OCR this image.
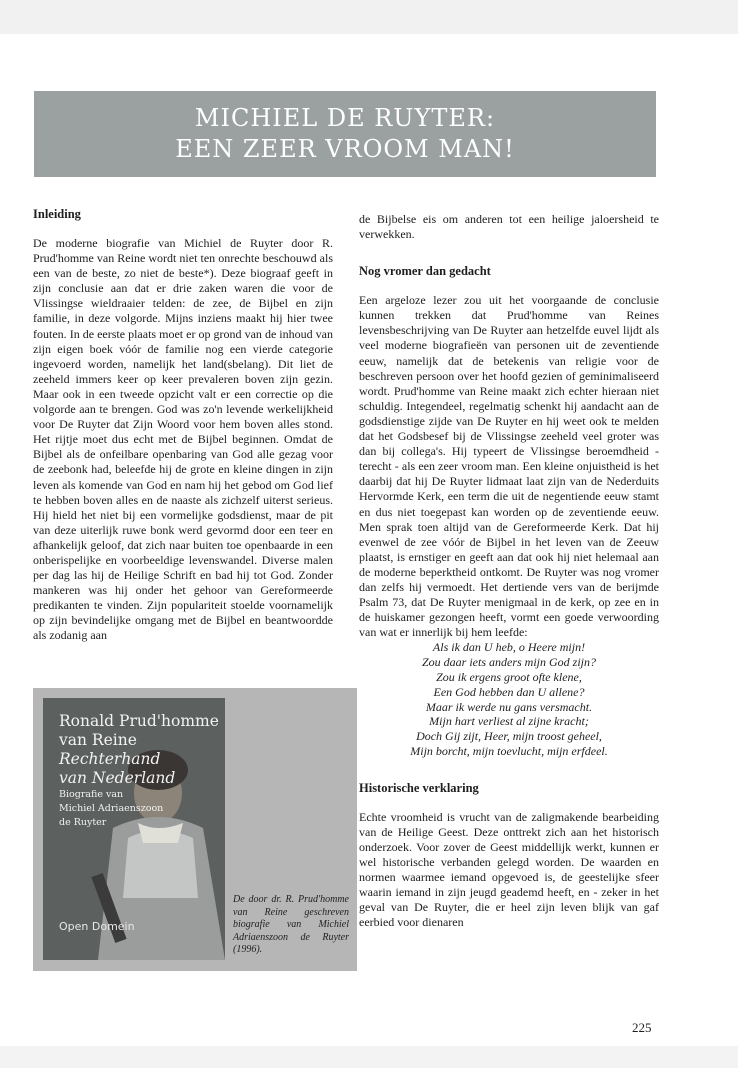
MICHIEL DE RUYTER:
EEN ZEER VROOM MAN!
Inleiding

De moderne biografie van Michiel de Ruyter door R. Prud'homme van Reine wordt niet ten onrechte beschouwd als een van de beste, zo niet de beste*). Deze biograaf geeft in zijn conclusie aan dat er drie zaken waren die voor de Vlissingse wieldraaier telden: de zee, de Bijbel en zijn familie, in deze volgorde. Mijns inziens maakt hij hier twee fouten. In de eerste plaats moet er op grond van de inhoud van zijn eigen boek vóór de familie nog een vierde categorie ingevoerd worden, namelijk het land(sbelang). Dit liet de zeeheld immers keer op keer prevaleren boven zijn gezin. Maar ook in een tweede opzicht valt er een correctie op die volgorde aan te brengen. God was zo'n levende werkelijkheid voor De Ruyter dat Zijn Woord voor hem boven alles stond. Het rijtje moet dus echt met de Bijbel beginnen. Omdat de Bijbel als de onfeilbare openbaring van God alle gezag voor de zeebonk had, beleefde hij de grote en kleine dingen in zijn leven als komende van God en nam hij het gebod om God lief te hebben boven alles en de naaste als zichzelf uiterst serieus. Hij hield het niet bij een vormelijke godsdienst, maar de pit van deze uiterlijk ruwe bonk werd gevormd door een teer en afhankelijk geloof, dat zich naar buiten toe openbaarde in een onberispelijke en voorbeeldige levenswandel. Diverse malen per dag las hij de Heilige Schrift en bad hij tot God. Zonder mankeren was hij onder het gehoor van Gereformeerde predikanten te vinden. Zijn populariteit stoelde voornamelijk op zijn bevindelijke omgang met de Bijbel en beantwoordde als zodanig aan

Ronald Prud'homme
van Reine
Rechterhand
van Nederland
Biografie van
Michiel Adriaenszoon
de Ruyter
Open Domein
De door dr. R. Prud'homme van Reine geschreven biografie van Michiel Adriaenszoon de Ruyter (1996).

de Bijbelse eis om anderen tot een heilige jaloersheid te verwekken.

Nog vromer dan gedacht

Een argeloze lezer zou uit het voorgaande de conclusie kunnen trekken dat Prud'homme van Reines levensbeschrijving van De Ruyter aan hetzelfde euvel lijdt als veel moderne biografieën van personen uit de zeventiende eeuw, namelijk dat de betekenis van religie voor de beschreven persoon over het hoofd gezien of geminimaliseerd wordt. Prud'homme van Reine maakt zich echter hieraan niet schuldig. Integendeel, regelmatig schenkt hij aandacht aan de godsdienstige zijde van De Ruyter en hij weet ook te melden dat het Godsbesef bij de Vlissingse zeeheld veel groter was dan bij collega's. Hij typeert de Vlissingse beroemdheid - terecht - als een zeer vroom man. Een kleine onjuistheid is het daarbij dat hij De Ruyter lidmaat laat zijn van de Nederduits Hervormde Kerk, een term die uit de negentiende eeuw stamt en dus niet toegepast kan worden op de zeventiende eeuw. Men sprak toen altijd van de Gereformeerde Kerk. Dat hij evenwel de zee vóór de Bijbel in het leven van de Zeeuw plaatst, is ernstiger en geeft aan dat ook hij niet helemaal aan de moderne beperktheid ontkomt. De Ruyter was nog vromer dan zelfs hij vermoedt. Het dertiende vers van de berijmde Psalm 73, dat De Ruyter menigmaal in de kerk, op zee en in de huiskamer gezongen heeft, vormt een goede verwoording van wat er innerlijk bij hem leefde:

Als ik dan U heb, o Heere mijn!
Zou daar iets anders mijn God zijn?
Zou ik ergens groot ofte klene,
Een God hebben dan U allene?
Maar ik werde nu gans versmacht.
Mijn hart verliest al zijne kracht;
Doch Gij zijt, Heer, mijn troost geheel,
Mijn borcht, mijn toevlucht, mijn erfdeel.
Historische verklaring

Echte vroomheid is vrucht van de zaligmakende bearbeiding van de Heilige Geest. Deze onttrekt zich aan het historisch onderzoek. Voor zover de Geest middellijk werkt, kunnen er wel historische verbanden gelegd worden. De waarden en normen waarmee iemand opgevoed is, de geestelijke sfeer waarin iemand in zijn jeugd geademd heeft, en - zeker in het geval van De Ruyter, die er heel zijn leven blijk van gaf eerbied voor dienaren

225
